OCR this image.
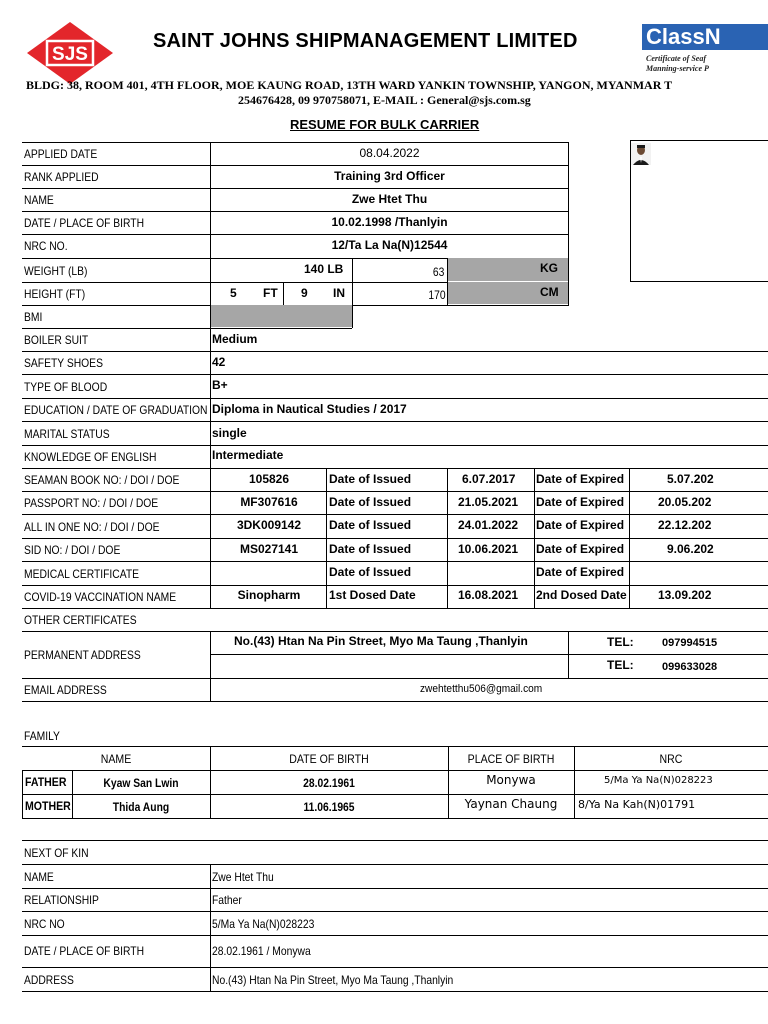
SJS
SAINT JOHNS SHIPMANAGEMENT LIMITED	ClassN
Certificate of Seaf
Manning-service P
BLDG: 38, ROOM 401, 4TH FLOOR, MOE KAUNG ROAD, 13TH WARD YANKIN TOWNSHIP, YANGON, MYANMAR T
254676428, 09 970758071, E-MAIL : General@sjs.com.sg
RESUME FOR BULK CARRIER
APPLIED DATE	08.04.2022
RANK APPLIED	Training 3rd Officer
NAME	Zwe Htet Thu
DATE / PLACE OF BIRTH	10.02.1998 /Thanlyin
NRC NO.	12/Ta La Na(N)12544
WEIGHT (LB)	140 LB	63	KG
HEIGHT (FT)	5 FT 9 IN	170	CM
BMI
BOILER SUIT	Medium
SAFETY SHOES	42
TYPE OF BLOOD	B+
EDUCATION / DATE OF GRADUATION Diploma in Nautical Studies / 2017
MARITAL STATUS	single
KNOWLEDGE OF ENGLISH	Intermediate
SEAMAN BOOK NO: / DOI / DOE	105826	Date of Issued	6.07.2017 Date of Expired	5.07.202
PASSPORT NO: / DOI / DOE	MF307616	Date of Issued	21.05.2021 Date of Expired	20.05.202
ALL IN ONE NO: / DOI / DOE	3DK009142	Date of Issued	24.01.2022 Date of Expired	22.12.202
SID NO: / DOI / DOE	MS027141	Date of Issued	10.06.2021 Date of Expired	9.06.202
MEDICAL CERTIFICATE	Date of Issued	Date of Expired
COVID-19 VACCINATION NAME	Sinopharm	1st Dosed Date	16.08.2021 2nd Dosed Date	13.09.202
OTHER CERTIFICATES
PERMANENT ADDRESS
No.(43) Htan Na Pin Street, Myo Ma Taung ,Thanlyin	TEL:	097994515
TEL:	099633028
EMAIL ADDRESS	zwehtetthu506@gmail.com
FAMILY
NAME	DATE OF BIRTH	PLACE OF BIRTH	NRC
FATHER	Kyaw San Lwin	28.02.1961	Monywa	5/Ma Ya Na(N)028223
MOTHER	Thida Aung	11.06.1965	Yaynan Chaung	8/Ya Na Kah(N)01791
NEXT OF KIN
NAME	Zwe Htet Thu
RELATIONSHIP	Father
NRC NO	5/Ma Ya Na(N)028223
DATE / PLACE OF BIRTH	28.02.1961 / Monywa
ADDRESS	No.(43) Htan Na Pin Street, Myo Ma Taung ,Thanlyin
